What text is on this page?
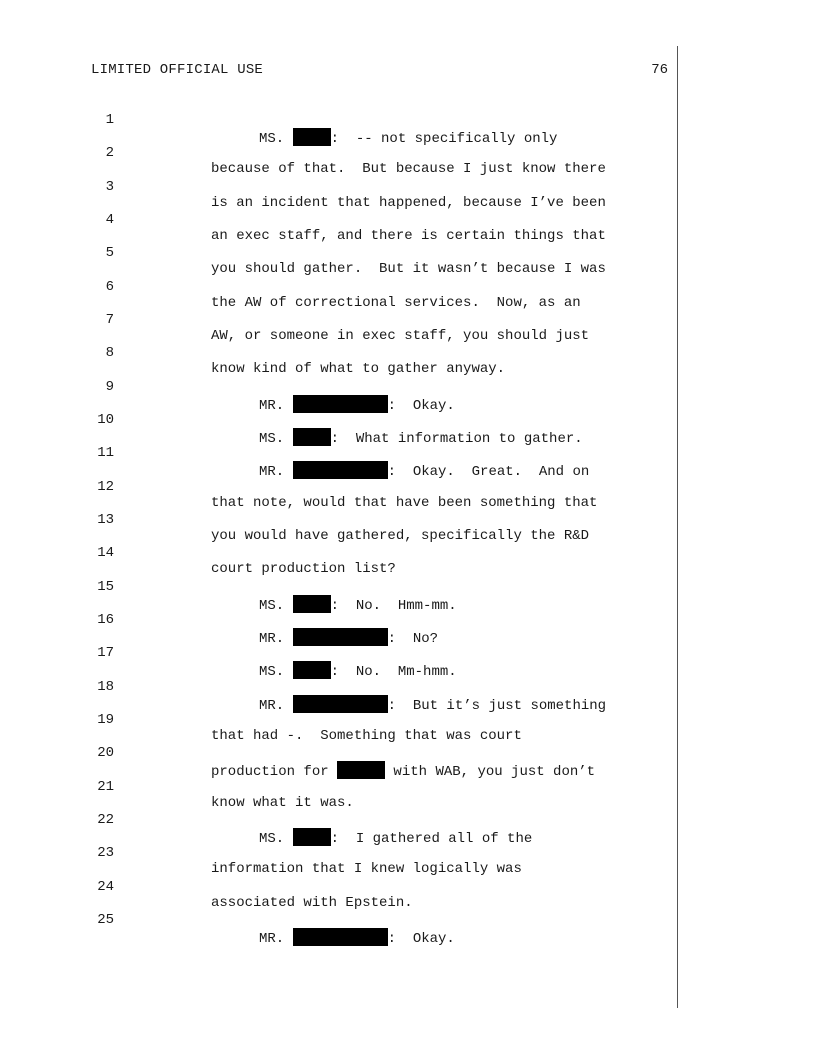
LIMITED OFFICIAL USE	76

1

MS.	:  -- not specifically only

2

because of that.  But because I just know there

3

is an incident that happened, because I’ve been

4

an exec staff, and there is certain things that

5

you should gather.  But it wasn’t because I was

6

the AW of correctional services.  Now, as an

7

AW, or someone in exec staff, you should just

8

know kind of what to gather anyway.

9

MR.	:  Okay.

10

MS.	:  What information to gather.

11

MR.	:  Okay.  Great.  And on

12

that note, would that have been something that

13

you would have gathered, specifically the R&D

14

court production list?

15

MS.	:  No.  Hmm-mm.

16

MR.	:  No?

17

MS.	:  No.  Mm-hmm.

18

MR.	:  But it’s just something

19

that had -.  Something that was court

20

production for	with WAB, you just don’t

21

know what it was.

22

MS.	:  I gathered all of the

23

information that I knew logically was

24

associated with Epstein.

25

MR.	:  Okay.
